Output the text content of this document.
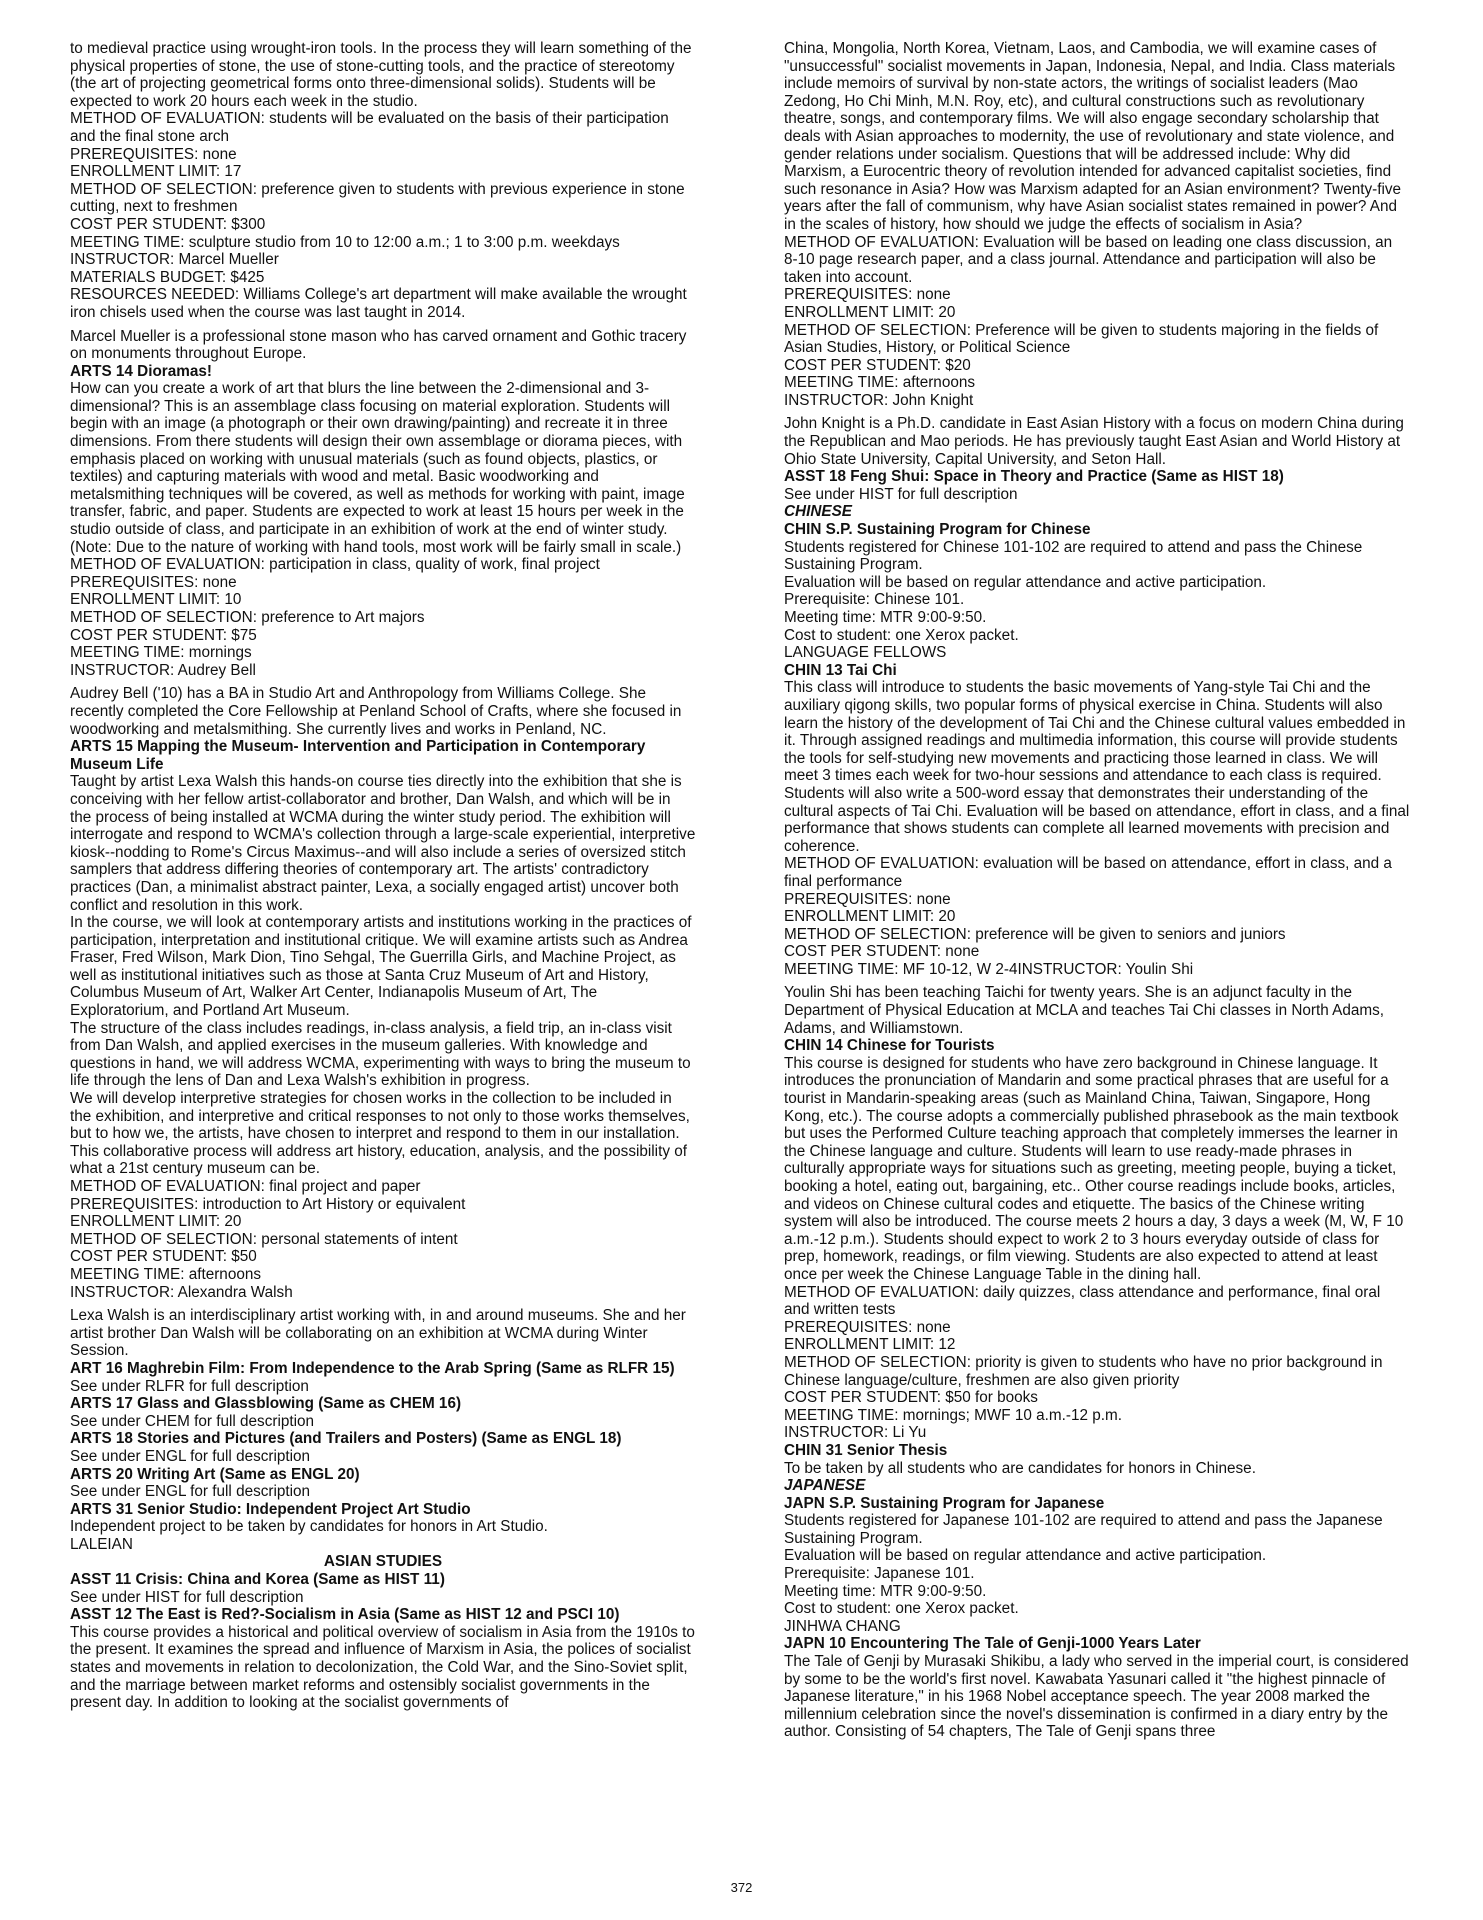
to medieval practice using wrought-iron tools. In the process they will learn something of the physical properties of stone, the use of stone-cutting tools, and the practice of stereotomy (the art of projecting geometrical forms onto three-dimensional solids). Students will be expected to work 20 hours each week in the studio.

METHOD OF EVALUATION: students will be evaluated on the basis of their participation and the final stone arch

PREREQUISITES: none

ENROLLMENT LIMIT: 17

METHOD OF SELECTION: preference given to students with previous experience in stone cutting, next to freshmen

COST PER STUDENT: $300

MEETING TIME: sculpture studio from 10 to 12:00 a.m.; 1 to 3:00 p.m. weekdays

INSTRUCTOR: Marcel Mueller

MATERIALS BUDGET: $425

RESOURCES NEEDED: Williams College's art department will make available the wrought iron chisels used when the course was last taught in 2014.

Marcel Mueller is a professional stone mason who has carved ornament and Gothic tracery on monuments throughout Europe.

ARTS 14 Dioramas!

How can you create a work of art that blurs the line between the 2-dimensional and 3-dimensional? This is an assemblage class focusing on material exploration. Students will begin with an image (a photograph or their own drawing/painting) and recreate it in three dimensions. From there students will design their own assemblage or diorama pieces, with emphasis placed on working with unusual materials (such as found objects, plastics, or textiles) and capturing materials with wood and metal. Basic woodworking and metalsmithing techniques will be covered, as well as methods for working with paint, image transfer, fabric, and paper. Students are expected to work at least 15 hours per week in the studio outside of class, and participate in an exhibition of work at the end of winter study.

(Note: Due to the nature of working with hand tools, most work will be fairly small in scale.)

METHOD OF EVALUATION: participation in class, quality of work, final project

PREREQUISITES: none

ENROLLMENT LIMIT: 10

METHOD OF SELECTION: preference to Art majors

COST PER STUDENT: $75

MEETING TIME: mornings

INSTRUCTOR: Audrey Bell

Audrey Bell ('10) has a BA in Studio Art and Anthropology from Williams College. She recently completed the Core Fellowship at Penland School of Crafts, where she focused in woodworking and metalsmithing. She currently lives and works in Penland, NC.

ARTS 15 Mapping the Museum- Intervention and Participation in Contemporary Museum Life

Taught by artist Lexa Walsh this hands-on course ties directly into the exhibition that she is conceiving with her fellow artist-collaborator and brother, Dan Walsh, and which will be in the process of being installed at WCMA during the winter study period. The exhibition will interrogate and respond to WCMA's collection through a large-scale experiential, interpretive kiosk--nodding to Rome's Circus Maximus--and will also include a series of oversized stitch samplers that address differing theories of contemporary art. The artists' contradictory practices (Dan, a minimalist abstract painter, Lexa, a socially engaged artist) uncover both conflict and resolution in this work.

In the course, we will look at contemporary artists and institutions working in the practices of participation, interpretation and institutional critique. We will examine artists such as Andrea Fraser, Fred Wilson, Mark Dion, Tino Sehgal, The Guerrilla Girls, and Machine Project, as well as institutional initiatives such as those at Santa Cruz Museum of Art and History, Columbus Museum of Art, Walker Art Center, Indianapolis Museum of Art, The Exploratorium, and Portland Art Museum.

The structure of the class includes readings, in-class analysis, a field trip, an in-class visit from Dan Walsh, and applied exercises in the museum galleries. With knowledge and questions in hand, we will address WCMA, experimenting with ways to bring the museum to life through the lens of Dan and Lexa Walsh's exhibition in progress.

We will develop interpretive strategies for chosen works in the collection to be included in the exhibition, and interpretive and critical responses to not only to those works themselves, but to how we, the artists, have chosen to interpret and respond to them in our installation. This collaborative process will address art history, education, analysis, and the possibility of what a 21st century museum can be.

METHOD OF EVALUATION: final project and paper

PREREQUISITES: introduction to Art History or equivalent

ENROLLMENT LIMIT: 20

METHOD OF SELECTION: personal statements of intent

COST PER STUDENT: $50

MEETING TIME: afternoons

INSTRUCTOR: Alexandra Walsh

Lexa Walsh is an interdisciplinary artist working with, in and around museums. She and her artist brother Dan Walsh will be collaborating on an exhibition at WCMA during Winter Session.

ART 16 Maghrebin Film: From Independence to the Arab Spring (Same as RLFR 15)

See under RLFR for full description

ARTS 17 Glass and Glassblowing (Same as CHEM 16)

See under CHEM for full description

ARTS 18 Stories and Pictures (and Trailers and Posters) (Same as ENGL 18)

See under ENGL for full description

ARTS 20 Writing Art (Same as ENGL 20)

See under ENGL for full description

ARTS 31 Senior Studio: Independent Project Art Studio

Independent project to be taken by candidates for honors in Art Studio.

LALEIAN

ASIAN STUDIES

ASST 11 Crisis: China and Korea (Same as HIST 11)

See under HIST for full description

ASST 12 The East is Red?-Socialism in Asia (Same as HIST 12 and PSCI 10)

This course provides a historical and political overview of socialism in Asia from the 1910s to the present. It examines the spread and influence of Marxism in Asia, the polices of socialist states and movements in relation to decolonization, the Cold War, and the Sino-Soviet split, and the marriage between market reforms and ostensibly socialist governments in the present day. In addition to looking at the socialist governments of

China, Mongolia, North Korea, Vietnam, Laos, and Cambodia, we will examine cases of "unsuccessful" socialist movements in Japan, Indonesia, Nepal, and India. Class materials include memoirs of survival by non-state actors, the writings of socialist leaders (Mao Zedong, Ho Chi Minh, M.N. Roy, etc), and cultural constructions such as revolutionary theatre, songs, and contemporary films. We will also engage secondary scholarship that deals with Asian approaches to modernity, the use of revolutionary and state violence, and gender relations under socialism. Questions that will be addressed include: Why did Marxism, a Eurocentric theory of revolution intended for advanced capitalist societies, find such resonance in Asia? How was Marxism adapted for an Asian environment? Twenty-five years after the fall of communism, why have Asian socialist states remained in power? And in the scales of history, how should we judge the effects of socialism in Asia?

METHOD OF EVALUATION: Evaluation will be based on leading one class discussion, an 8-10 page research paper, and a class journal. Attendance and participation will also be taken into account.

PREREQUISITES: none

ENROLLMENT LIMIT: 20

METHOD OF SELECTION: Preference will be given to students majoring in the fields of Asian Studies, History, or Political Science

COST PER STUDENT: $20

MEETING TIME: afternoons

INSTRUCTOR: John Knight

John Knight is a Ph.D. candidate in East Asian History with a focus on modern China during the Republican and Mao periods. He has previously taught East Asian and World History at Ohio State University, Capital University, and Seton Hall.

ASST 18 Feng Shui: Space in Theory and Practice (Same as HIST 18)

See under HIST for full description

CHINESE

CHIN S.P. Sustaining Program for Chinese

Students registered for Chinese 101-102 are required to attend and pass the Chinese Sustaining Program.

Evaluation will be based on regular attendance and active participation.

Prerequisite: Chinese 101.

Meeting time: MTR 9:00-9:50.

Cost to student: one Xerox packet.

LANGUAGE FELLOWS

CHIN 13 Tai Chi

This class will introduce to students the basic movements of Yang-style Tai Chi and the auxiliary qigong skills, two popular forms of physical exercise in China. Students will also learn the history of the development of Tai Chi and the Chinese cultural values embedded in it. Through assigned readings and multimedia information, this course will provide students the tools for self-studying new movements and practicing those learned in class. We will meet 3 times each week for two-hour sessions and attendance to each class is required. Students will also write a 500-word essay that demonstrates their understanding of the cultural aspects of Tai Chi. Evaluation will be based on attendance, effort in class, and a final performance that shows students can complete all learned movements with precision and coherence.

METHOD OF EVALUATION: evaluation will be based on attendance, effort in class, and a final performance

PREREQUISITES: none

ENROLLMENT LIMIT: 20

METHOD OF SELECTION: preference will be given to seniors and juniors

COST PER STUDENT: none

MEETING TIME: MF 10-12, W 2-4INSTRUCTOR: Youlin Shi

Youlin Shi has been teaching Taichi for twenty years. She is an adjunct faculty in the Department of Physical Education at MCLA and teaches Tai Chi classes in North Adams, Adams, and Williamstown.

CHIN 14 Chinese for Tourists

This course is designed for students who have zero background in Chinese language. It introduces the pronunciation of Mandarin and some practical phrases that are useful for a tourist in Mandarin-speaking areas (such as Mainland China, Taiwan, Singapore, Hong Kong, etc.). The course adopts a commercially published phrasebook as the main textbook but uses the Performed Culture teaching approach that completely immerses the learner in the Chinese language and culture. Students will learn to use ready-made phrases in culturally appropriate ways for situations such as greeting, meeting people, buying a ticket, booking a hotel, eating out, bargaining, etc.. Other course readings include books, articles, and videos on Chinese cultural codes and etiquette. The basics of the Chinese writing system will also be introduced. The course meets 2 hours a day, 3 days a week (M, W, F 10 a.m.-12 p.m.). Students should expect to work 2 to 3 hours everyday outside of class for prep, homework, readings, or film viewing. Students are also expected to attend at least once per week the Chinese Language Table in the dining hall.

METHOD OF EVALUATION: daily quizzes, class attendance and performance, final oral and written tests

PREREQUISITES: none

ENROLLMENT LIMIT: 12

METHOD OF SELECTION: priority is given to students who have no prior background in Chinese language/culture, freshmen are also given priority

COST PER STUDENT: $50 for books

MEETING TIME: mornings; MWF 10 a.m.-12 p.m.

INSTRUCTOR: Li Yu

CHIN 31 Senior Thesis

To be taken by all students who are candidates for honors in Chinese.

JAPANESE

JAPN S.P. Sustaining Program for Japanese

Students registered for Japanese 101-102 are required to attend and pass the Japanese Sustaining Program.

Evaluation will be based on regular attendance and active participation.

Prerequisite: Japanese 101.

Meeting time: MTR 9:00-9:50.

Cost to student: one Xerox packet.

JINHWA CHANG

JAPN 10 Encountering The Tale of Genji-1000 Years Later

The Tale of Genji by Murasaki Shikibu, a lady who served in the imperial court, is considered by some to be the world's first novel. Kawabata Yasunari called it "the highest pinnacle of Japanese literature," in his 1968 Nobel acceptance speech. The year 2008 marked the millennium celebration since the novel's dissemination is confirmed in a diary entry by the author. Consisting of 54 chapters, The Tale of Genji spans three

372
